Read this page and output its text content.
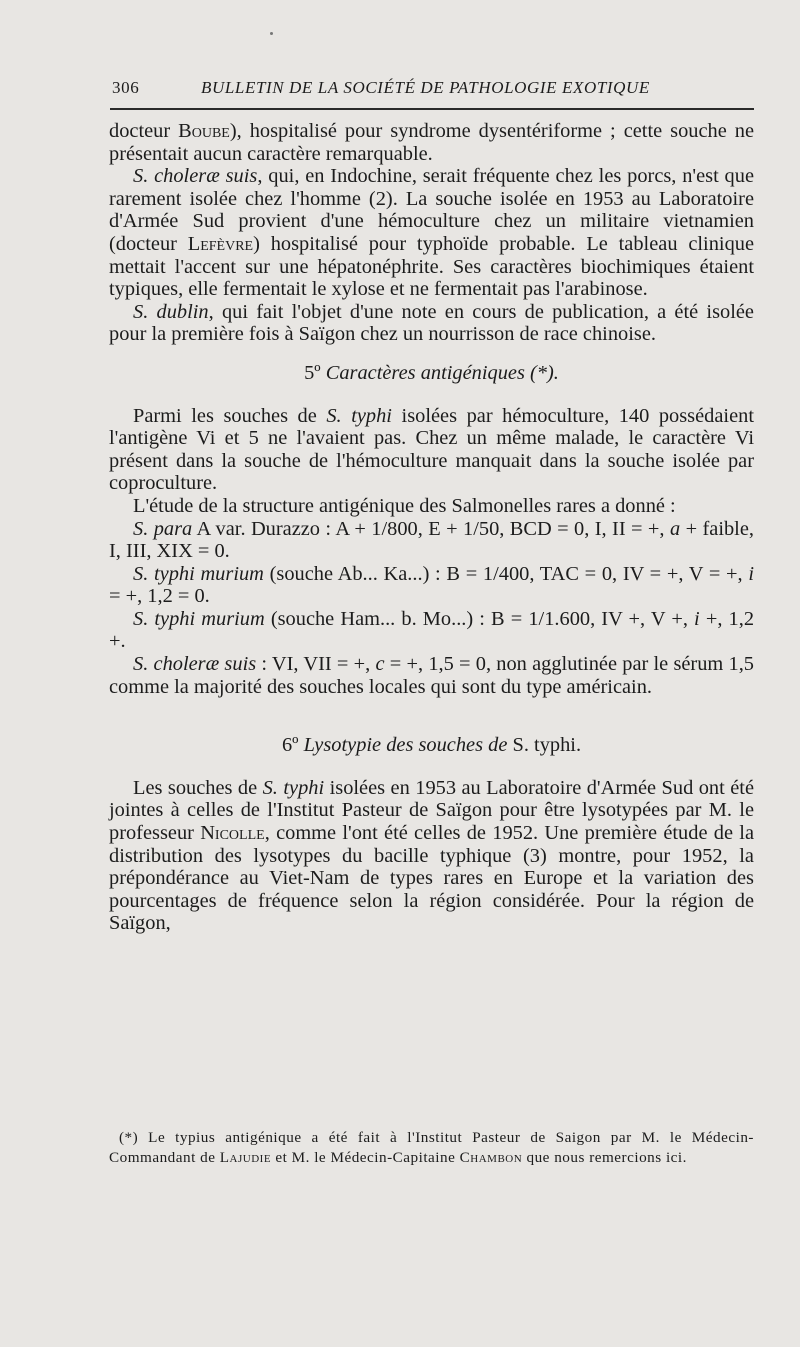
306	BULLETIN DE LA SOCIÉTÉ DE PATHOLOGIE EXOTIQUE

docteur Boube), hospitalisé pour syndrome dysentériforme ; cette souche ne présentait aucun caractère remarquable.

S. choleræ suis, qui, en Indochine, serait fréquente chez les porcs, n'est que rarement isolée chez l'homme (2). La souche isolée en 1953 au Laboratoire d'Armée Sud provient d'une hémoculture chez un militaire vietnamien (docteur Lefèvre) hospitalisé pour typhoïde probable. Le tableau clinique mettait l'accent sur une hépatonéphrite. Ses caractères biochimiques étaient typiques, elle fermentait le xylose et ne fermentait pas l'arabinose.

S. dublin, qui fait l'objet d'une note en cours de publication, a été isolée pour la première fois à Saïgon chez un nourrisson de race chinoise.

5º Caractères antigéniques (*).

Parmi les souches de S. typhi isolées par hémoculture, 140 possédaient l'antigène Vi et 5 ne l'avaient pas. Chez un même malade, le caractère Vi présent dans la souche de l'hémoculture manquait dans la souche isolée par coproculture.

L'étude de la structure antigénique des Salmonelles rares a donné :

S. para A var. Durazzo : A + 1/800, E + 1/50, BCD = 0, I, II = +, a + faible, I, III, XIX = 0.

S. typhi murium (souche Ab... Ka...) : B = 1/400, TAC = 0, IV = +, V = +, i = +, 1,2 = 0.

S. typhi murium (souche Ham... b. Mo...) : B = 1/1.600, IV +, V +, i +, 1,2 +.

S. choleræ suis : VI, VII = +, c = +, 1,5 = 0, non agglutinée par le sérum 1,5 comme la majorité des souches locales qui sont du type américain.

6º Lysotypie des souches de S. typhi.

Les souches de S. typhi isolées en 1953 au Laboratoire d'Armée Sud ont été jointes à celles de l'Institut Pasteur de Saïgon pour être lysotypées par M. le professeur Nicolle, comme l'ont été celles de 1952. Une première étude de la distribution des lysotypes du bacille typhique (3) montre, pour 1952, la prépondérance au Viet-Nam de types rares en Europe et la variation des pourcentages de fréquence selon la région considérée. Pour la région de Saïgon,

(*) Le typius antigénique a été fait à l'Institut Pasteur de Saigon par M. le Médecin-Commandant de Lajudie et M. le Médecin-Capitaine Chambon que nous remercions ici.
